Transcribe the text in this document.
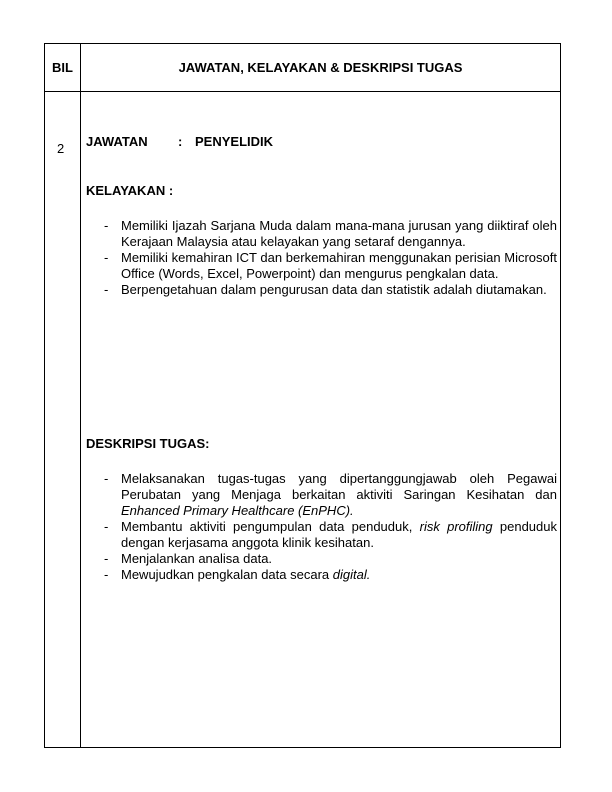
BIL	JAWATAN, KELAYAKAN & DESKRIPSI TUGAS
2 JAWATAN : PENYELIDIK
KELAYAKAN :
- Memiliki Ijazah Sarjana Muda dalam mana-mana jurusan yang diiktiraf oleh Kerajaan Malaysia atau kelayakan yang setaraf dengannya.
- Memiliki kemahiran ICT dan berkemahiran menggunakan perisian Microsoft Office (Words, Excel, Powerpoint) dan mengurus pengkalan data.
- Berpengetahuan dalam pengurusan data dan statistik adalah diutamakan.
DESKRIPSI TUGAS:
- Melaksanakan tugas-tugas yang dipertanggungjawab oleh Pegawai Perubatan yang Menjaga berkaitan aktiviti Saringan Kesihatan dan Enhanced Primary Healthcare (EnPHC).
- Membantu aktiviti pengumpulan data penduduk, risk profiling penduduk dengan kerjasama anggota klinik kesihatan.
- Menjalankan analisa data.
- Mewujudkan pengkalan data secara digital.
